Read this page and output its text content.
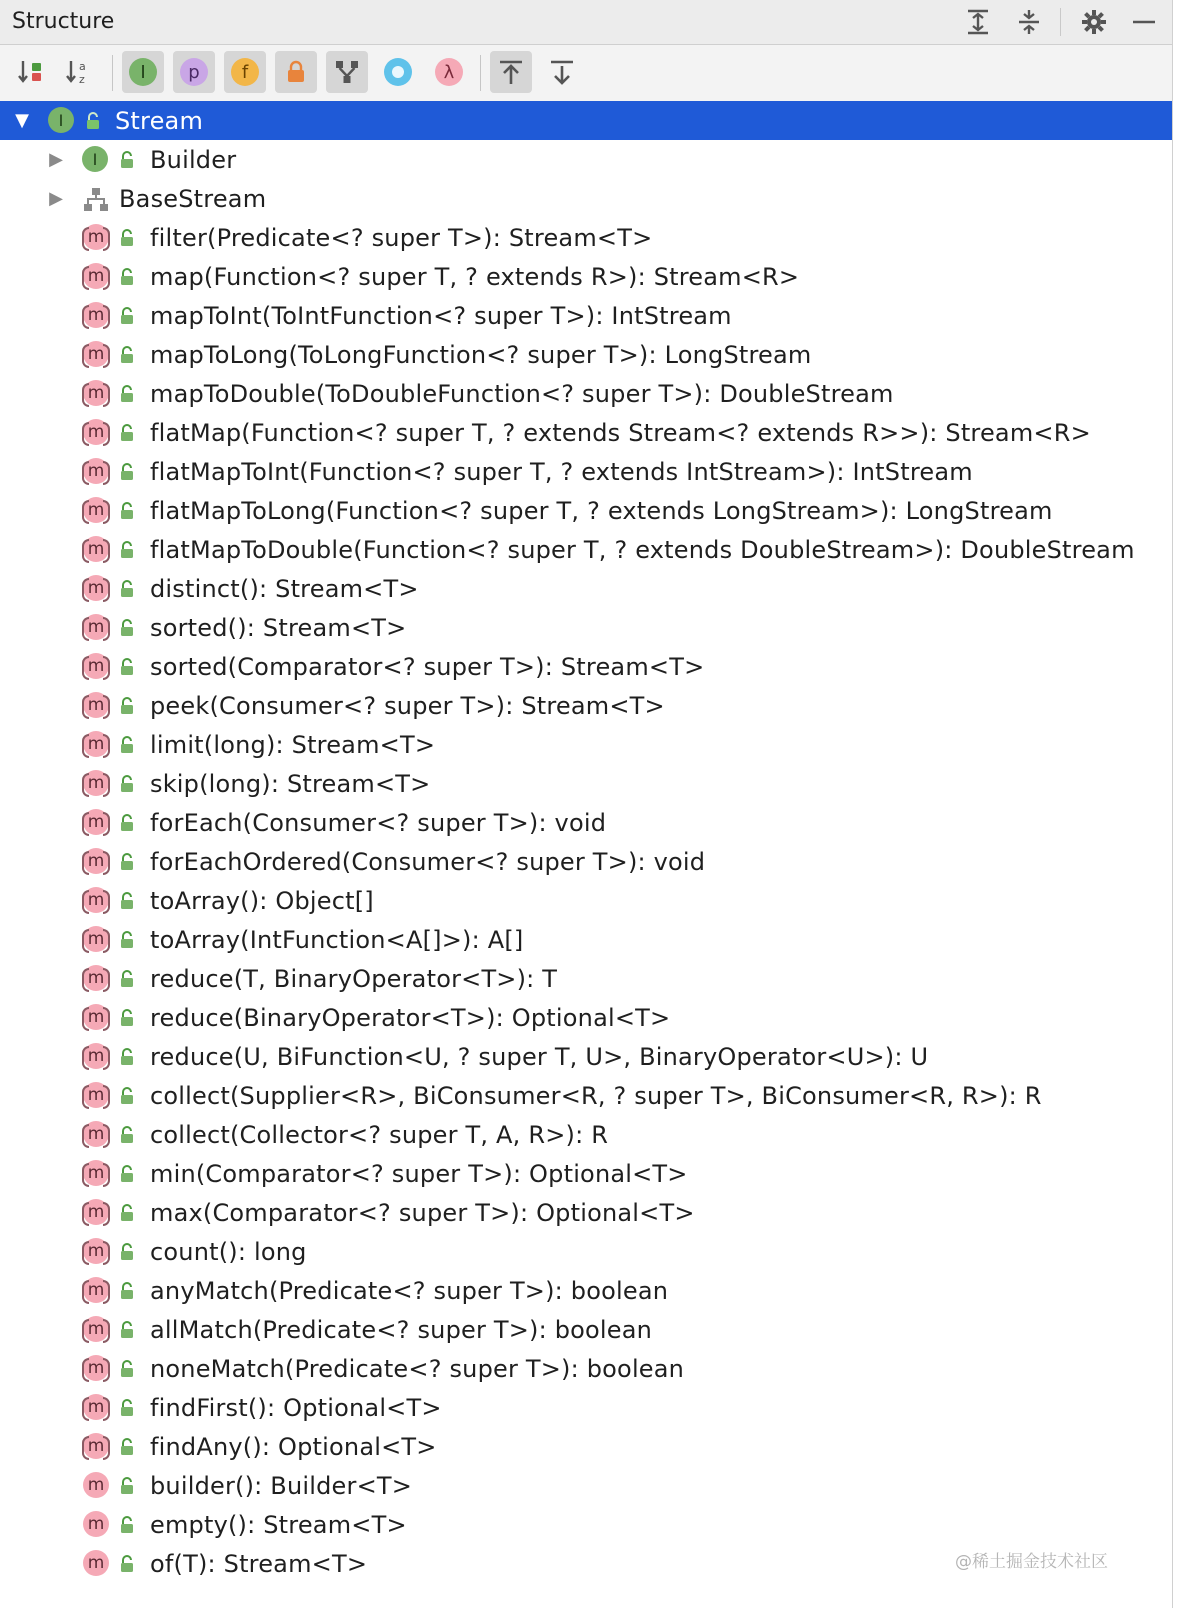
Structure
a
z	I	p	f	λ
▼	I	Stream
▶	I	Builder
▶ BaseStream
m filter(Predicate<? super T>): Stream<T>
m map(Function<? super T, ? extends R>): Stream<R>
m mapToInt(ToIntFunction<? super T>): IntStream
m mapToLong(ToLongFunction<? super T>): LongStream
m mapToDouble(ToDoubleFunction<? super T>): DoubleStream
m flatMap(Function<? super T, ? extends Stream<? extends R>>): Stream<R>
m flatMapToInt(Function<? super T, ? extends IntStream>): IntStream
m flatMapToLong(Function<? super T, ? extends LongStream>): LongStream
m flatMapToDouble(Function<? super T, ? extends DoubleStream>): DoubleStream
m distinct(): Stream<T>
m sorted(): Stream<T>
m sorted(Comparator<? super T>): Stream<T>
m peek(Consumer<? super T>): Stream<T>
m limit(long): Stream<T>
m skip(long): Stream<T>
m forEach(Consumer<? super T>): void
m forEachOrdered(Consumer<? super T>): void
m toArray(): Object[]
m toArray(IntFunction<A[]>): A[]
m reduce(T, BinaryOperator<T>): T
m reduce(BinaryOperator<T>): Optional<T>
m reduce(U, BiFunction<U, ? super T, U>, BinaryOperator<U>): U
m collect(Supplier<R>, BiConsumer<R, ? super T>, BiConsumer<R, R>): R
m collect(Collector<? super T, A, R>): R
m min(Comparator<? super T>): Optional<T>
m max(Comparator<? super T>): Optional<T>
m count(): long
m anyMatch(Predicate<? super T>): boolean
m allMatch(Predicate<? super T>): boolean
m noneMatch(Predicate<? super T>): boolean
m findFirst(): Optional<T>
m findAny(): Optional<T>
m builder(): Builder<T>
m empty(): Stream<T>
m of(T): Stream<T>	@稀土掘金技术社区
